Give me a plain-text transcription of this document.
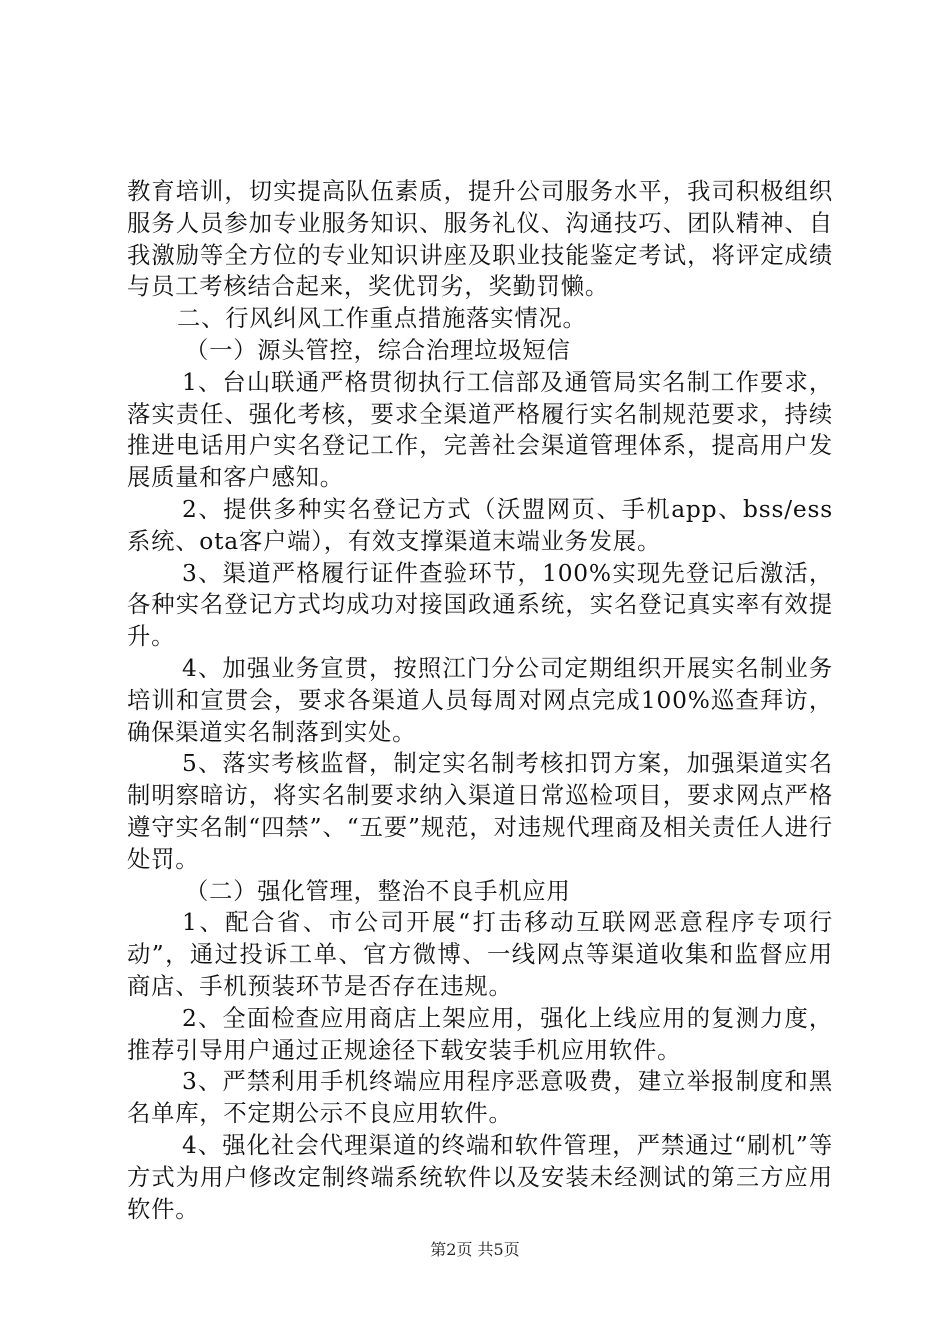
教育培训，切实提高队伍素质，提升公司服务水平，我司积极组织服务人员参加专业服务知识、服务礼仪、沟通技巧、团队精神、自我激励等全方位的专业知识讲座及职业技能鉴定考试，将评定成绩与员工考核结合起来，奖优罚劣，奖勤罚懒。

二、行风纠风工作重点措施落实情况。

（一）源头管控，综合治理垃圾短信

1、台山联通严格贯彻执行工信部及通管局实名制工作要求，落实责任、强化考核，要求全渠道严格履行实名制规范要求，持续推进电话用户实名登记工作，完善社会渠道管理体系，提高用户发展质量和客户感知。

2、提供多种实名登记方式（沃盟网页、手机app、bss/ess系统、ota客户端），有效支撑渠道末端业务发展。

3、渠道严格履行证件查验环节，100%实现先登记后激活，各种实名登记方式均成功对接国政通系统，实名登记真实率有效提升。

4、加强业务宣贯，按照江门分公司定期组织开展实名制业务培训和宣贯会，要求各渠道人员每周对网点完成100%巡查拜访，确保渠道实名制落到实处。

5、落实考核监督，制定实名制考核扣罚方案，加强渠道实名制明察暗访，将实名制要求纳入渠道日常巡检项目，要求网点严格遵守实名制“四禁”、“五要”规范，对违规代理商及相关责任人进行处罚。

（二）强化管理，整治不良手机应用

1、配合省、市公司开展“打击移动互联网恶意程序专项行动”，通过投诉工单、官方微博、一线网点等渠道收集和监督应用商店、手机预装环节是否存在违规。

2、全面检查应用商店上架应用，强化上线应用的复测力度，推荐引导用户通过正规途径下载安装手机应用软件。

3、严禁利用手机终端应用程序恶意吸费，建立举报制度和黑名单库，不定期公示不良应用软件。

4、强化社会代理渠道的终端和软件管理，严禁通过“刷机”等方式为用户修改定制终端系统软件以及安装未经测试的第三方应用软件。

第2页 共5页
